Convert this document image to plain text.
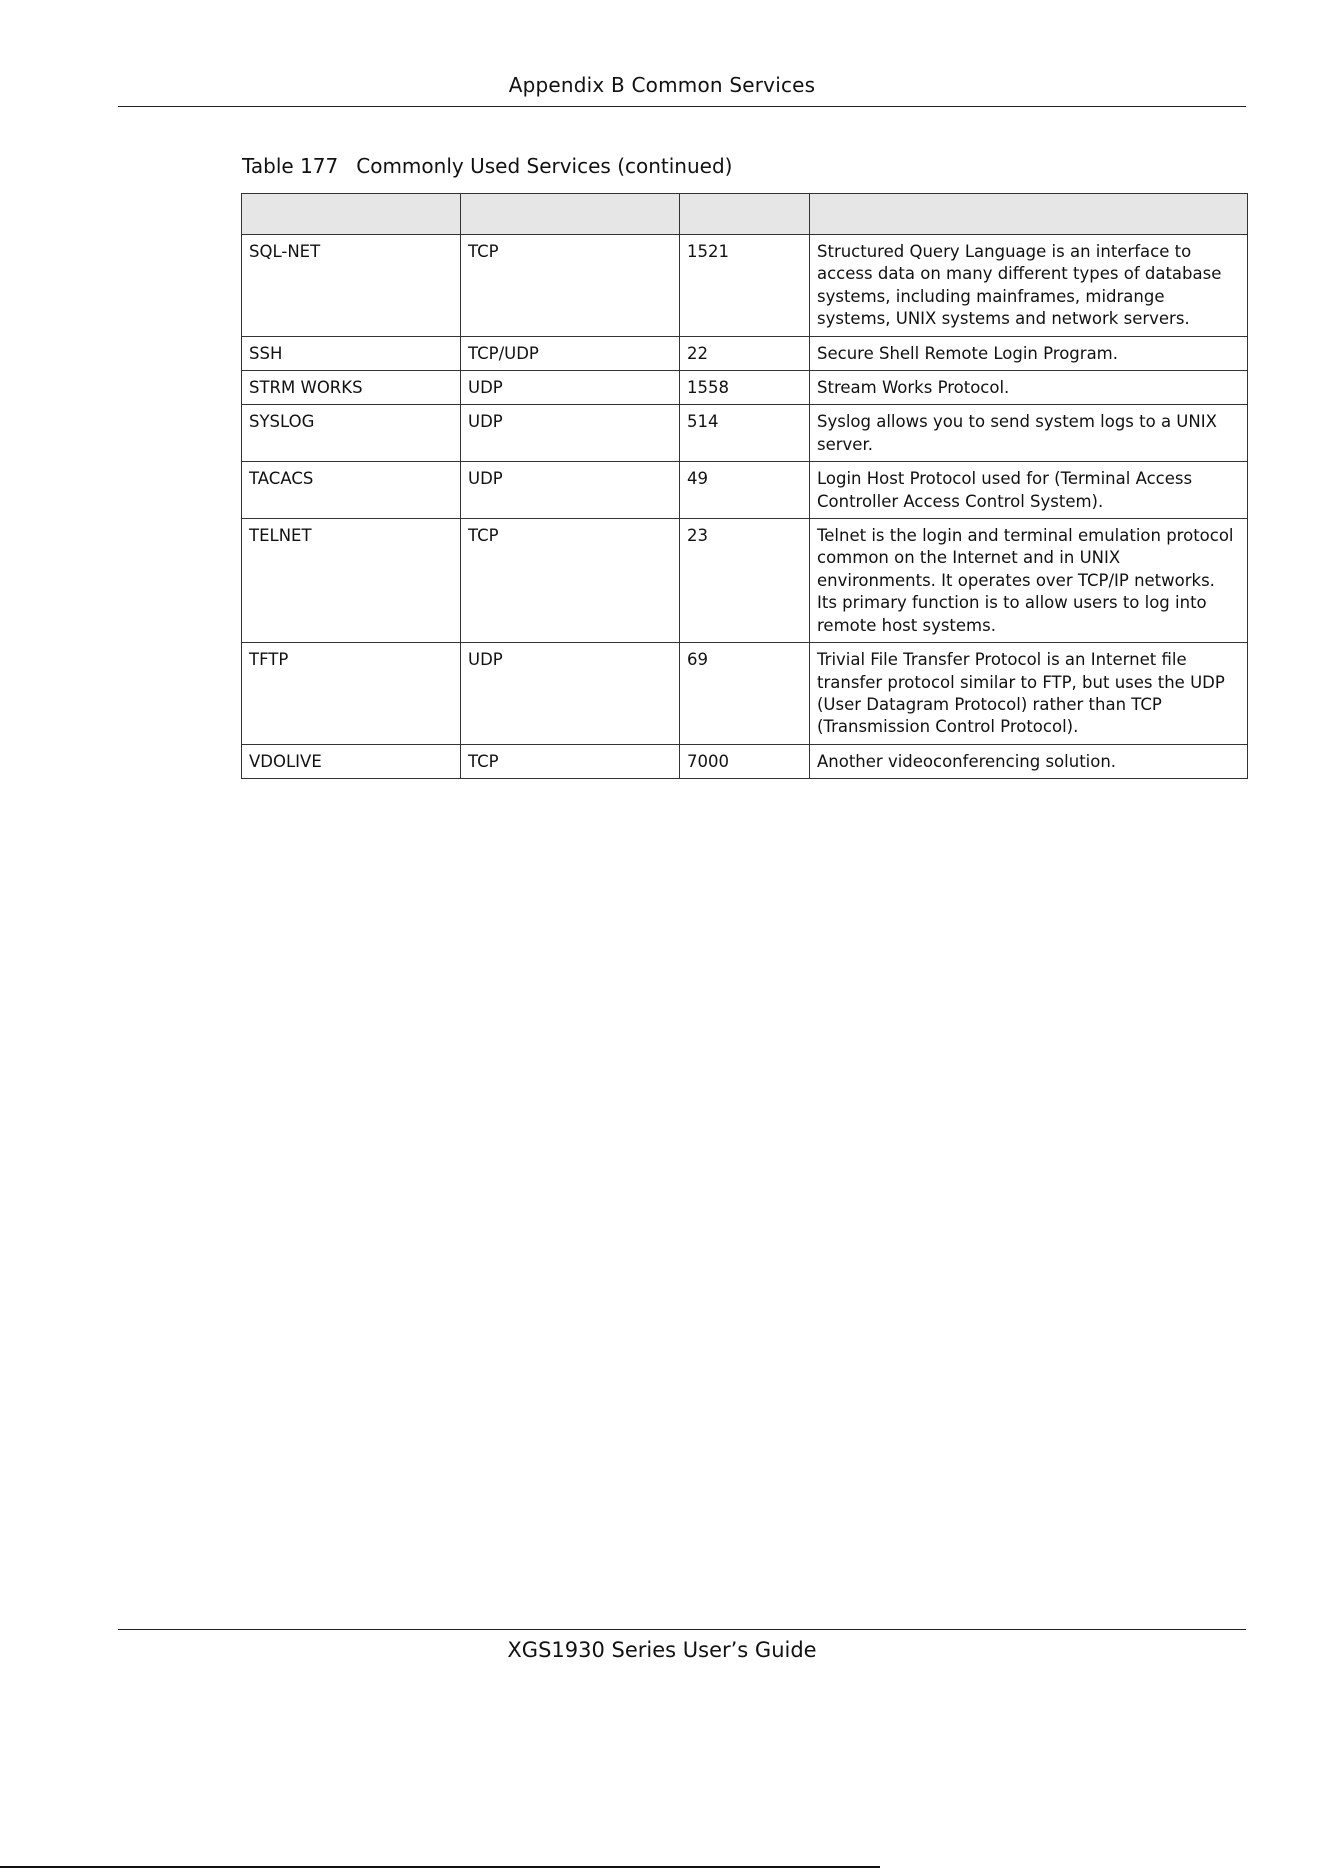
Appendix B Common Services
Table 177 Commonly Used Services (continued)

SQL-NET	TCP	1521	Structured Query Language is an interface to access data on many different types of database systems, including mainframes, midrange systems, UNIX systems and network servers.
SSH	TCP/UDP	22	Secure Shell Remote Login Program.
STRM WORKS	UDP	1558	Stream Works Protocol.
SYSLOG	UDP	514	Syslog allows you to send system logs to a UNIX server.
TACACS	UDP	49	Login Host Protocol used for (Terminal Access Controller Access Control System).
TELNET	TCP	23	Telnet is the login and terminal emulation protocol common on the Internet and in UNIX environments. It operates over TCP/IP networks. Its primary function is to allow users to log into remote host systems.
TFTP	UDP	69	Trivial File Transfer Protocol is an Internet file transfer protocol similar to FTP, but uses the UDP (User Datagram Protocol) rather than TCP (Transmission Control Protocol).
VDOLIVE	TCP	7000	Another videoconferencing solution.
XGS1930 Series User’s Guide
